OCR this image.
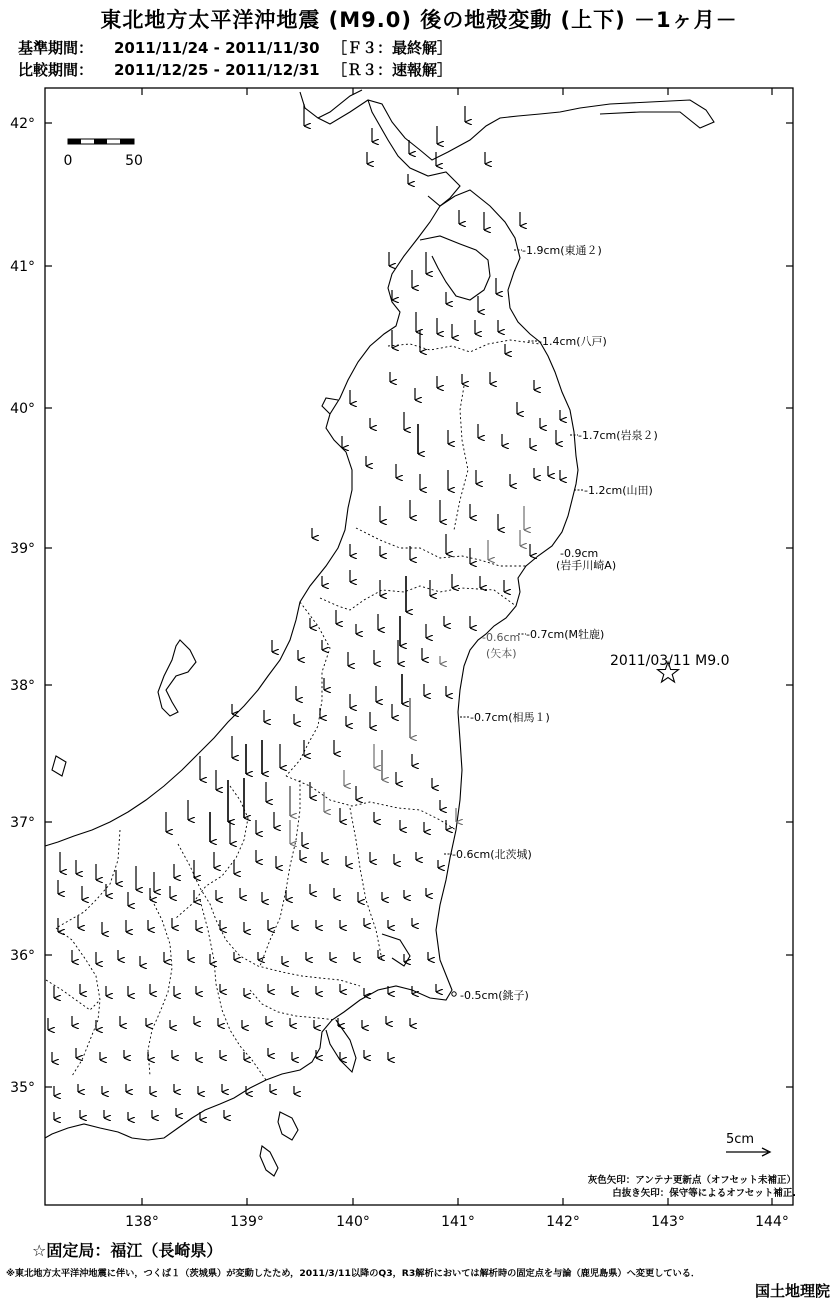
東北地方太平洋沖地震 (M9.0) 後の地殻変動 (上下) －1ヶ月－
基準期間： 2011/11/24 - 2011/11/30 ［Ｆ３：最終解］
比較期間： 2011/12/25 - 2011/12/31 ［Ｒ３：速報解］
42°
41°
40°
39°
38°
37°
36°
35°
138°	139°	140°	141°	142°	143°	144°
0	50
5cm
2011/03/11 M9.0
-1.9cm(東通２)
-1.4cm(八戸)
-1.7cm(岩泉２)
-1.2cm(山田)
-0.9cm
(岩手川崎A)
-0.7cm(M牡鹿)
-0.6cm
(矢本)
-0.7cm(相馬１)
-0.6cm(北茨城)
-0.5cm(銚子)
灰色矢印：アンテナ更新点（オフセット未補正）
白抜き矢印：保守等によるオフセット補正.
☆固定局：福江（長崎県）
※東北地方太平洋沖地震に伴い，つくば１（茨城県）が変動したため，2011/3/11以降のQ3，R3解析においては解析時の固定点を与論（鹿児島県）へ変更している．
国土地理院
